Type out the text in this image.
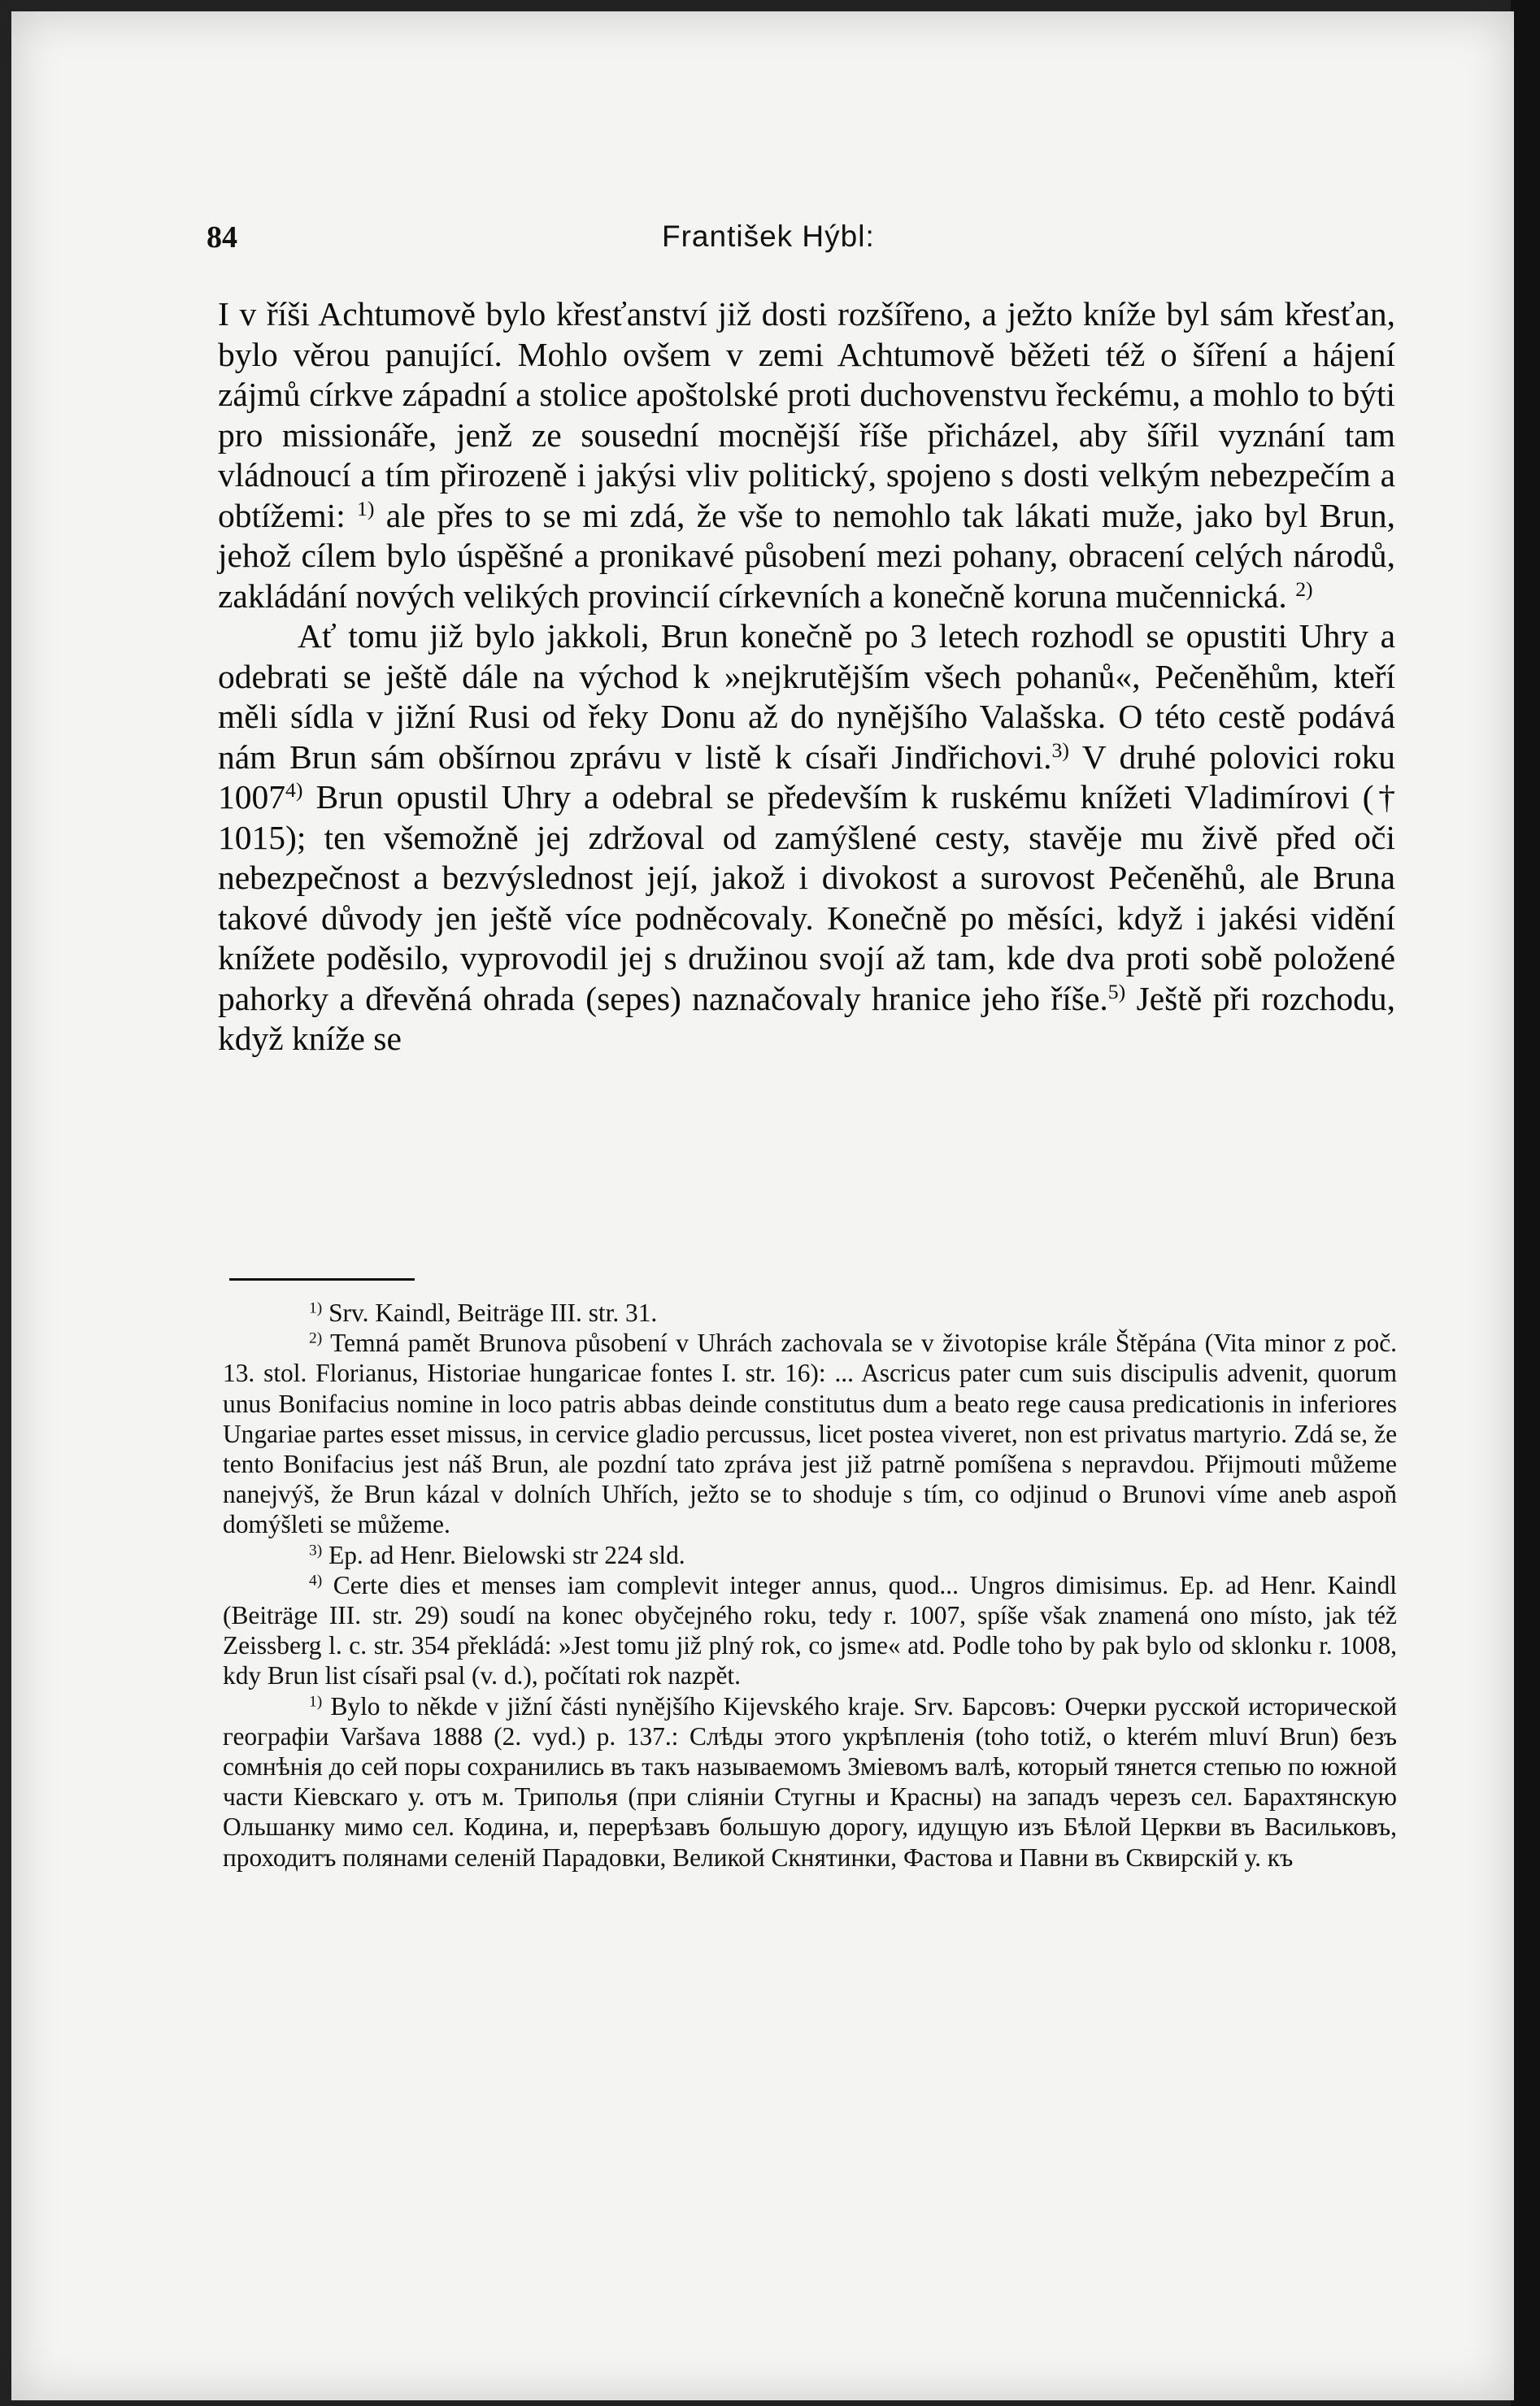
84	František Hýbl:

I v říši Achtumově bylo křesťanství již dosti rozšířeno, a ježto kníže byl sám křesťan, bylo věrou panující. Mohlo ovšem v zemi Achtumově běžeti též o šíření a hájení zájmů církve západní a stolice apoštolské proti duchovenstvu řeckému, a mohlo to býti pro missionáře, jenž ze sousední mocnější říše přicházel, aby šířil vyznání tam vládnoucí a tím přirozeně i jakýsi vliv politický, spojeno s dosti velkým nebezpečím a obtížemi: $^{1)}$ ale přes to se mi zdá, že vše to nemohlo tak lákati muže, jako byl Brun, jehož cílem bylo úspěšné a pronikavé působení mezi pohany, obracení celých národů, zakládání nových velikých provincií církevních a konečně koruna mučennická. $^{2)}$

Ať tomu již bylo jakkoli, Brun konečně po 3 letech rozhodl se opustiti Uhry a odebrati se ještě dále na východ k »nejkrutějším všech pohanů«, Pečeněhům, kteří měli sídla v jižní Rusi od řeky Donu až do nynějšího Valašska. O této cestě podává nám Brun sám obšírnou zprávu v listě k císaři Jindřichovi.$^{3)}$ V druhé polovici roku 1007$^{4)}$ Brun opustil Uhry a odebral se především k ruskému knížeti Vladimírovi († 1015); ten všemožně jej zdržoval od zamýšlené cesty, stavěje mu živě před oči nebezpečnost a bezvýslednost její, jakož i divokost a surovost Pečeněhů, ale Bruna takové důvody jen ještě více podněcovaly. Konečně po měsíci, když i jakési vidění knížete poděsilo, vyprovodil jej s družinou svojí až tam, kde dva proti sobě položené pahorky a dřevěná ohrada (sepes) naznačovaly hranice jeho říše.$^{5)}$ Ještě při rozchodu, když kníže se

$^{1)}$ Srv. Kaindl, Beiträge III. str. 31.

$^{2)}$ Temná pamět Brunova působení v Uhrách zachovala se v životopise krále Štěpána (Vita minor z poč. 13. stol. Florianus, Historiae hungaricae fontes I. str. 16): ... Ascricus pater cum suis discipulis advenit, quorum unus Bonifacius nomine in loco patris abbas deinde constitutus dum a beato rege causa predicationis in inferiores Ungariae partes esset missus, in cervice gladio percussus, licet postea viveret, non est privatus martyrio. Zdá se, že tento Bonifacius jest náš Brun, ale pozdní tato zpráva jest již patrně pomíšena s nepravdou. Přijmouti můžeme nanejvýš, že Brun kázal v dolních Uhřích, ježto se to shoduje s tím, co odjinud o Brunovi víme aneb aspoň domýšleti se můžeme.

$^{3)}$ Ep. ad Henr. Bielowski str 224 sld.

$^{4)}$ Certe dies et menses iam complevit integer annus, quod... Ungros dimisimus. Ep. ad Henr. Kaindl (Beiträge III. str. 29) soudí na konec obyčejného roku, tedy r. 1007, spíše však znamená ono místo, jak též Zeissberg l. c. str. 354 překládá: »Jest tomu již plný rok, co jsme« atd. Podle toho by pak bylo od sklonku r. 1008, kdy Brun list císaři psal (v. d.), počítati rok nazpět.

$^{1)}$ Bylo to někde v jižní části nynějšího Kijevského kraje. Srv. Барсовъ: Очерки русской исторической географіи Varšava 1888 (2. vyd.) p. 137.: Слѣды этого укрѣпленія (toho totiž, o kterém mluví Brun) безъ сомнѣнія до сей поры сохранились въ такъ называемомъ Змiевомъ валѣ, который тянется степью по южной части Кіевскаго у. отъ м. Триполья (при сліяніи Стугны и Красны) на западъ черезъ сел. Барахтянскую Ольшанку мимо сел. Кодина, и, перерѣзавъ большую дорогу, идущую изъ Бѣлой Церкви въ Васильковъ, проходитъ полянами селеній Парадовки, Великой Скнятинки, Фастова и Павни въ Сквирскій у. къ
